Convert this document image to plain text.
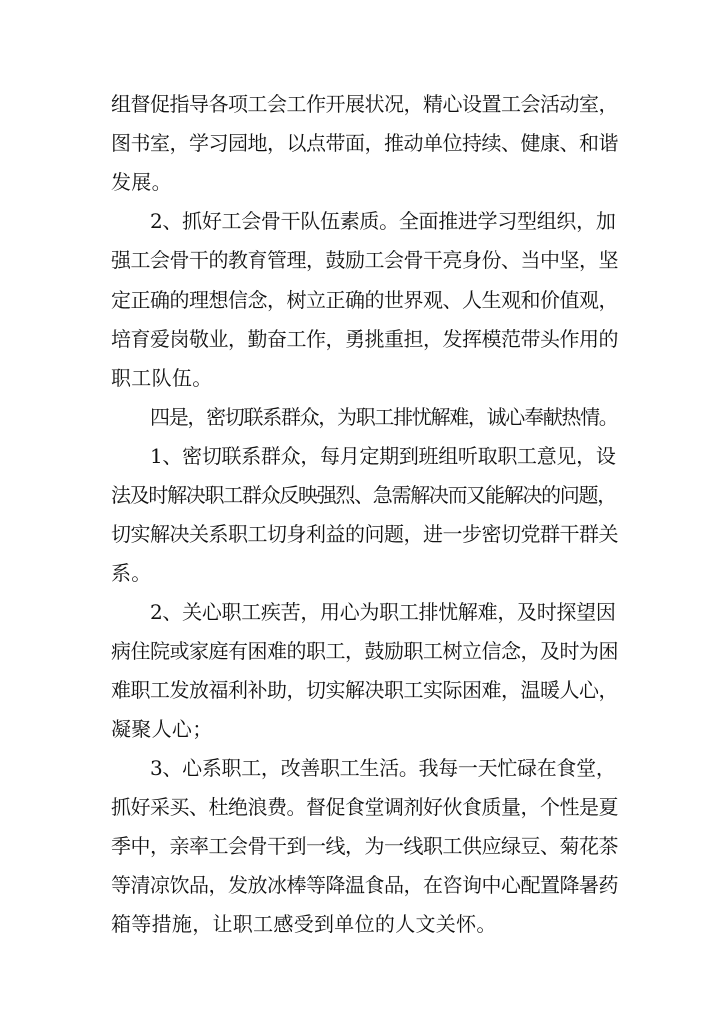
组督促指导各项工会工作开展状况，精心设置工会活动室，
图书室，学习园地，以点带面，推动单位持续、健康、和谐
发展。
2、抓好工会骨干队伍素质。全面推进学习型组织，加
强工会骨干的教育管理，鼓励工会骨干亮身份、当中坚，坚
定正确的理想信念，树立正确的世界观、人生观和价值观，
培育爱岗敬业，勤奋工作，勇挑重担，发挥模范带头作用的
职工队伍。
四是，密切联系群众，为职工排忧解难，诚心奉献热情。
1、密切联系群众，每月定期到班组听取职工意见，设
法及时解决职工群众反映强烈、急需解决而又能解决的问题，
切实解决关系职工切身利益的问题，进一步密切党群干群关
系。
2、关心职工疾苦，用心为职工排忧解难，及时探望因
病住院或家庭有困难的职工，鼓励职工树立信念，及时为困
难职工发放福利补助，切实解决职工实际困难，温暖人心，
凝聚人心；
3、心系职工，改善职工生活。我每一天忙碌在食堂，
抓好采买、杜绝浪费。督促食堂调剂好伙食质量，个性是夏
季中，亲率工会骨干到一线，为一线职工供应绿豆、菊花茶
等清凉饮品，发放冰棒等降温食品，在咨询中心配置降暑药
箱等措施，让职工感受到单位的人文关怀。
